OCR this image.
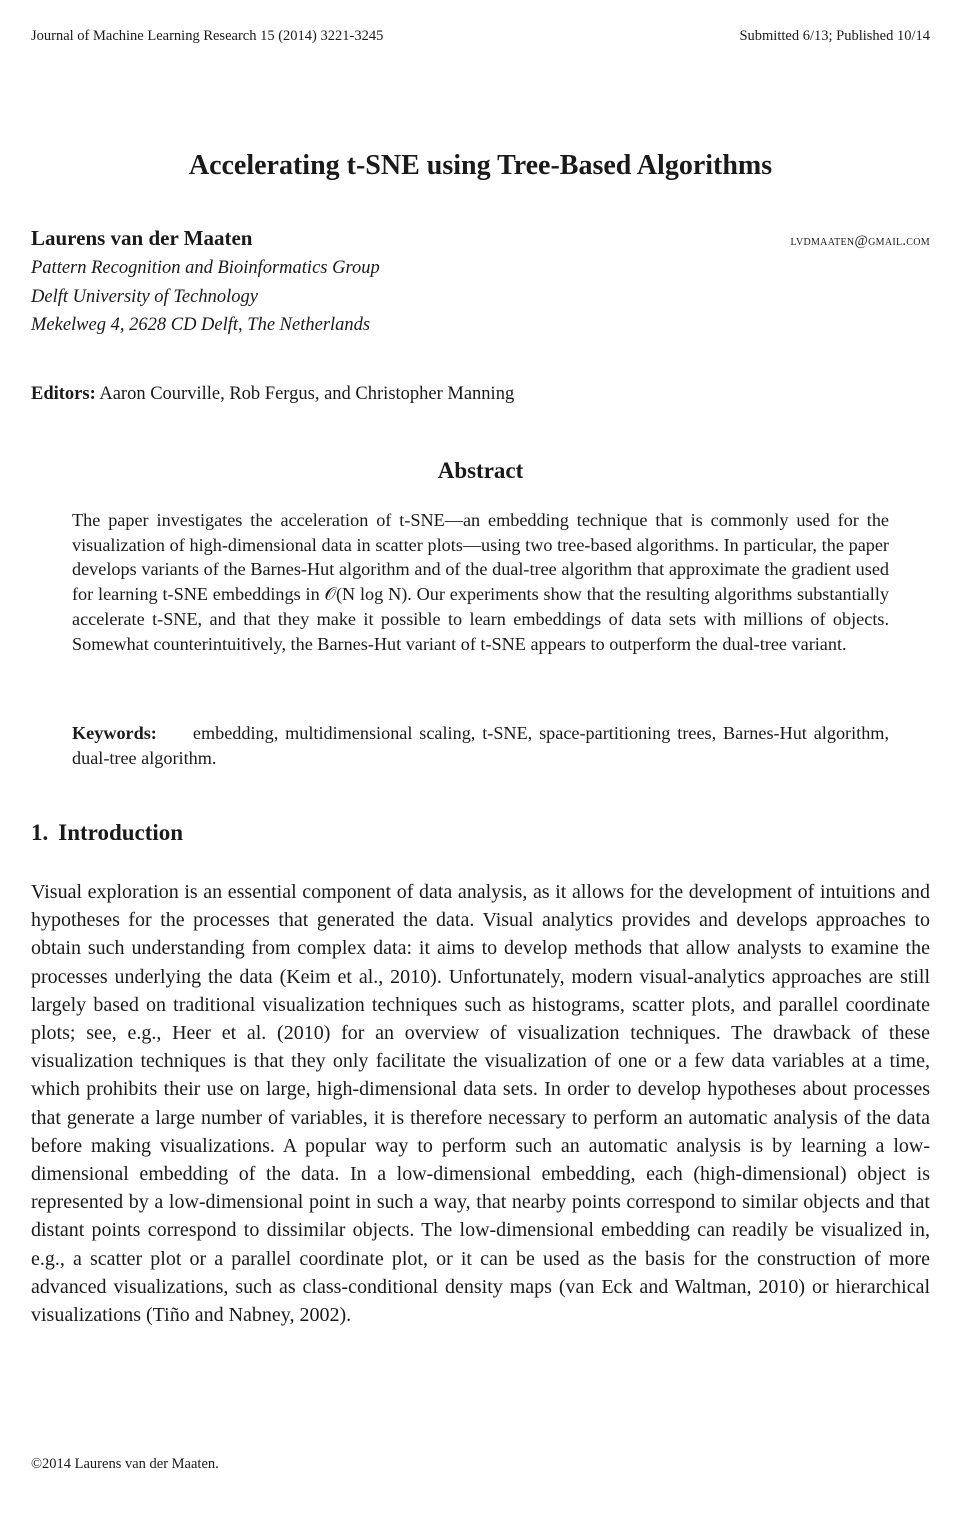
Journal of Machine Learning Research 15 (2014) 3221-3245	Submitted 6/13; Published 10/14
Accelerating t-SNE using Tree-Based Algorithms
Laurens van der Maaten	lvdmaaten@gmail.com
Pattern Recognition and Bioinformatics Group
Delft University of Technology
Mekelweg 4, 2628 CD Delft, The Netherlands
Editors: Aaron Courville, Rob Fergus, and Christopher Manning
Abstract
The paper investigates the acceleration of t-SNE—an embedding technique that is commonly used for the visualization of high-dimensional data in scatter plots—using two tree-based algorithms. In particular, the paper develops variants of the Barnes-Hut algorithm and of the dual-tree algorithm that approximate the gradient used for learning t-SNE embeddings in 𝒪(N log N). Our experiments show that the resulting algorithms substantially accelerate t-SNE, and that they make it possible to learn embeddings of data sets with millions of objects. Somewhat counterintuitively, the Barnes-Hut variant of t-SNE appears to outperform the dual-tree variant.
Keywords: embedding, multidimensional scaling, t-SNE, space-partitioning trees, Barnes-Hut algorithm, dual-tree algorithm.
1. Introduction
Visual exploration is an essential component of data analysis, as it allows for the development of intuitions and hypotheses for the processes that generated the data. Visual analytics provides and develops approaches to obtain such understanding from complex data: it aims to develop methods that allow analysts to examine the processes underlying the data (Keim et al., 2010). Unfortunately, modern visual-analytics approaches are still largely based on traditional visualization techniques such as histograms, scatter plots, and parallel coordinate plots; see, e.g., Heer et al. (2010) for an overview of visualization techniques. The drawback of these visualization techniques is that they only facilitate the visualization of one or a few data variables at a time, which prohibits their use on large, high-dimensional data sets. In order to develop hypotheses about processes that generate a large number of variables, it is therefore necessary to perform an automatic analysis of the data before making visualizations. A popular way to perform such an automatic analysis is by learning a low-dimensional embedding of the data. In a low-dimensional embedding, each (high-dimensional) object is represented by a low-dimensional point in such a way, that nearby points correspond to similar objects and that distant points correspond to dissimilar objects. The low-dimensional embedding can readily be visualized in, e.g., a scatter plot or a parallel coordinate plot, or it can be used as the basis for the construction of more advanced visualizations, such as class-conditional density maps (van Eck and Waltman, 2010) or hierarchical visualizations (Tiño and Nabney, 2002).
©2014 Laurens van der Maaten.
